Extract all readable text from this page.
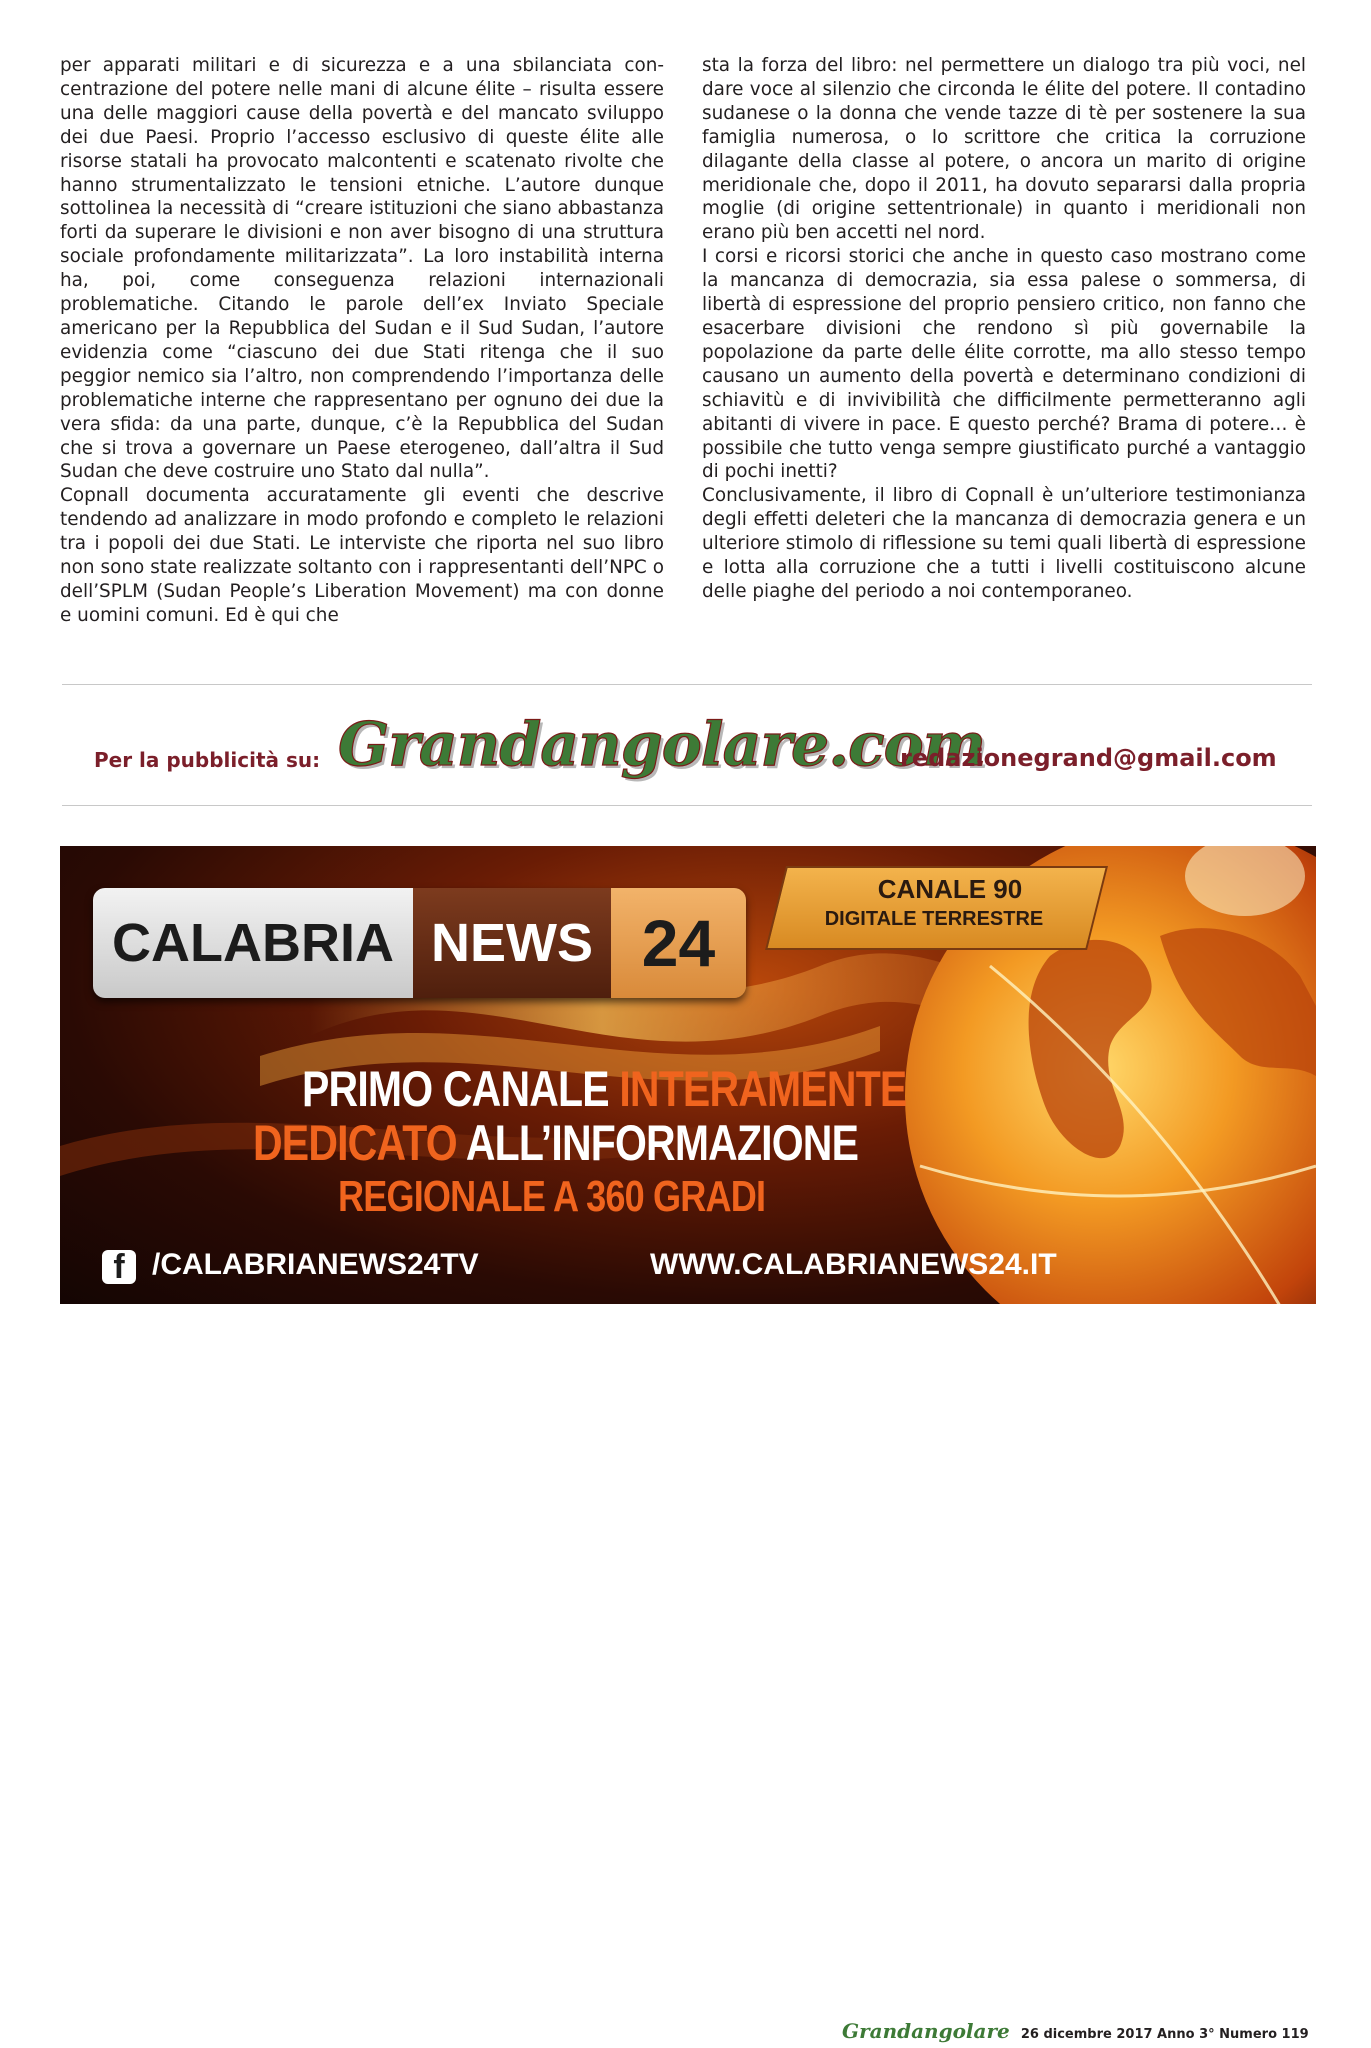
per apparati militari e di sicurezza e a una sbilanciata concentrazione del potere nelle mani di alcune élite – risulta essere una delle maggiori cause della povertà e del mancato sviluppo dei due Paesi. Proprio l’accesso esclusivo di queste élite alle risorse statali ha provocato malcontenti e scatenato rivolte che hanno strumentalizzato le tensioni etniche. L’autore dunque sottolinea la necessità di “creare istituzioni che siano abbastanza forti da superare le divisioni e non aver bisogno di una struttura sociale profondamente militarizzata”. La loro instabilità interna ha, poi, come conseguenza relazioni internazionali problematiche. Citando le parole dell’ex Inviato Speciale americano per la Repubblica del Sudan e il Sud Sudan, l’autore evidenzia come “ciascuno dei due Stati ritenga che il suo peggior nemico sia l’altro, non comprendendo l’importanza delle problematiche interne che rappresentano per ognuno dei due la vera sfida: da una parte, dunque, c’è la Repubblica del Sudan che si trova a governare un Paese eterogeneo, dall’altra il Sud Sudan che deve costruire uno Stato dal nulla”.

Copnall documenta accuratamente gli eventi che descrive tendendo ad analizzare in modo profondo e completo le relazioni tra i popoli dei due Stati. Le interviste che riporta nel suo libro non sono state realizzate soltanto con i rappresentanti dell’NPC o dell’SPLM (Sudan People’s Liberation Movement) ma con donne e uomini comuni. Ed è qui che

sta la forza del libro: nel permettere un dialogo tra più voci, nel dare voce al silenzio che circonda le élite del potere. Il contadino sudanese o la donna che vende tazze di tè per sostenere la sua famiglia numerosa, o lo scrittore che critica la corruzione dilagante della classe al potere, o ancora un marito di origine meridionale che, dopo il 2011, ha dovuto separarsi dalla propria moglie (di origine settentrionale) in quanto i meridionali non erano più ben accetti nel nord.

I corsi e ricorsi storici che anche in questo caso mostrano come la mancanza di democrazia, sia essa palese o sommersa, di libertà di espressione del proprio pensiero critico, non fanno che esacerbare divisioni che rendono sì più governabile la popolazione da parte delle élite corrotte, ma allo stesso tempo causano un aumento della povertà e determinano condizioni di schiavitù e di invivibilità che difficilmente permetteranno agli abitanti di vivere in pace. E questo perché? Brama di potere… è possibile che tutto venga sempre giustificato purché a vantaggio di pochi inetti?

Conclusivamente, il libro di Copnall è un’ulteriore testimonianza degli effetti deleteri che la mancanza di democrazia genera e un ulteriore stimolo di riflessione su temi quali libertà di espressione e lotta alla corruzione che a tutti i livelli costituiscono alcune delle piaghe del periodo a noi contemporaneo.

Per la pubblicità su: Grandangolare.com
redazionegrand@gmail.com
CALABRIA NEWS 24
CANALE 90
DIGITALE TERRESTRE
PRIMO CANALE INTERAMENTE
DEDICATO ALL’INFORMAZIONE
REGIONALE A 360 GRADI
f /CALABRIANEWS24TV	WWW.CALABRIANEWS24.IT
Grandangolare 26 dicembre 2017 Anno 3° Numero 119
